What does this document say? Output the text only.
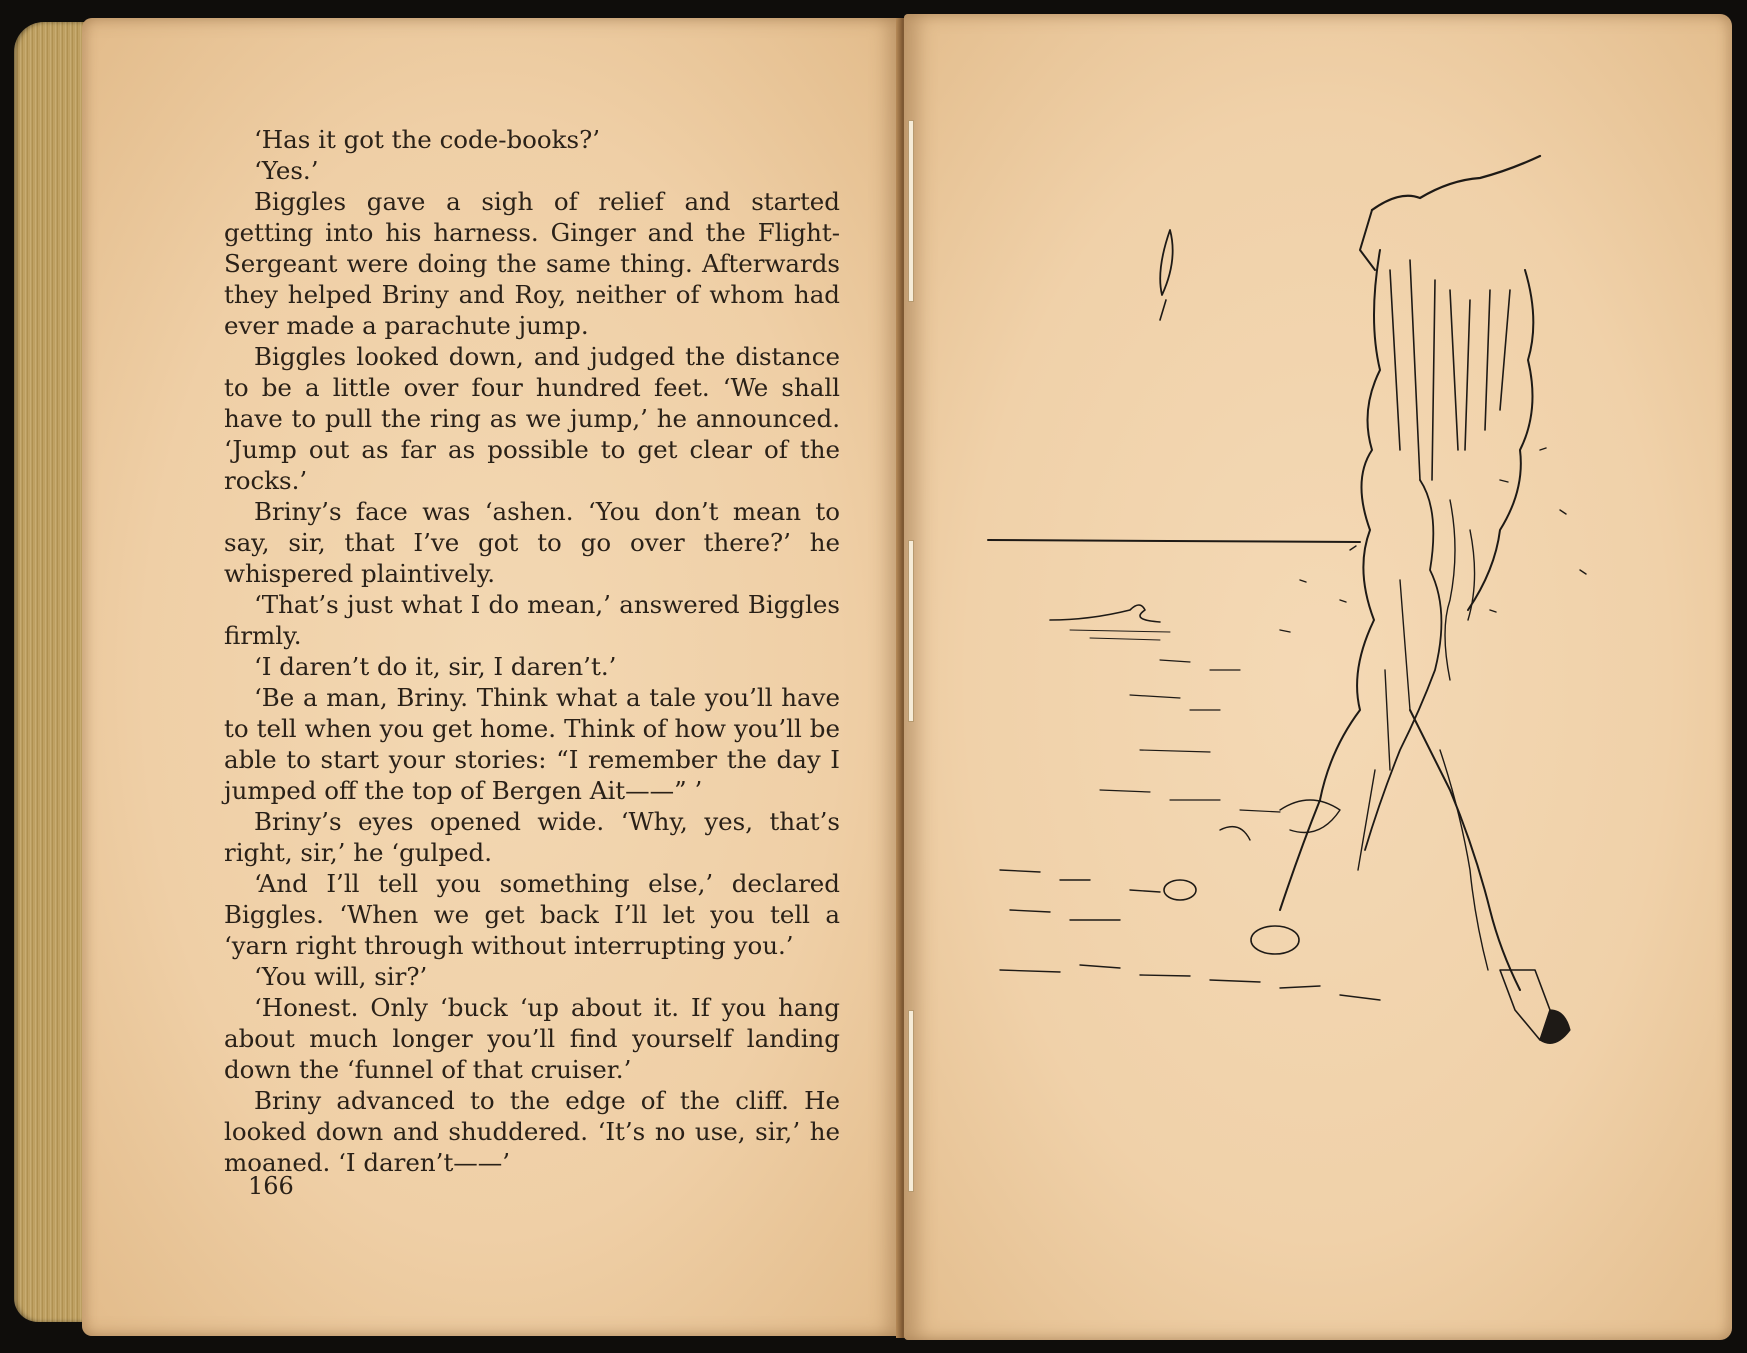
‘Has it got the code-books?’

‘Yes.’

Biggles gave a sigh of relief and started getting into his harness. Ginger and the Flight-Sergeant were doing the same thing. Afterwards they helped Briny and Roy, neither of whom had ever made a parachute jump.

Biggles looked down, and judged the distance to be a little over four hundred feet. ‘We shall have to pull the ring as we jump,’ he announced. ‘Jump out as far as possible to get clear of the rocks.’

Briny’s face was ‘ashen. ‘You don’t mean to say, sir, that I’ve got to go over there?’ he whispered plaintively.

‘That’s just what I do mean,’ answered Biggles firmly.

‘I daren’t do it, sir, I daren’t.’

‘Be a man, Briny. Think what a tale you’ll have to tell when you get home. Think of how you’ll be able to start your stories: “I remember the day I jumped off the top of Bergen Ait——” ’

Briny’s eyes opened wide. ‘Why, yes, that’s right, sir,’ he ‘gulped.

‘And I’ll tell you something else,’ declared Biggles. ‘When we get back I’ll let you tell a ‘yarn right through without interrupting you.’

‘You will, sir?’

‘Honest. Only ‘buck ‘up about it. If you hang about much longer you’ll find yourself landing down the ‘funnel of that cruiser.’

Briny advanced to the edge of the cliff. He looked down and shuddered. ‘It’s no use, sir,’ he moaned. ‘I daren’t——’

166
